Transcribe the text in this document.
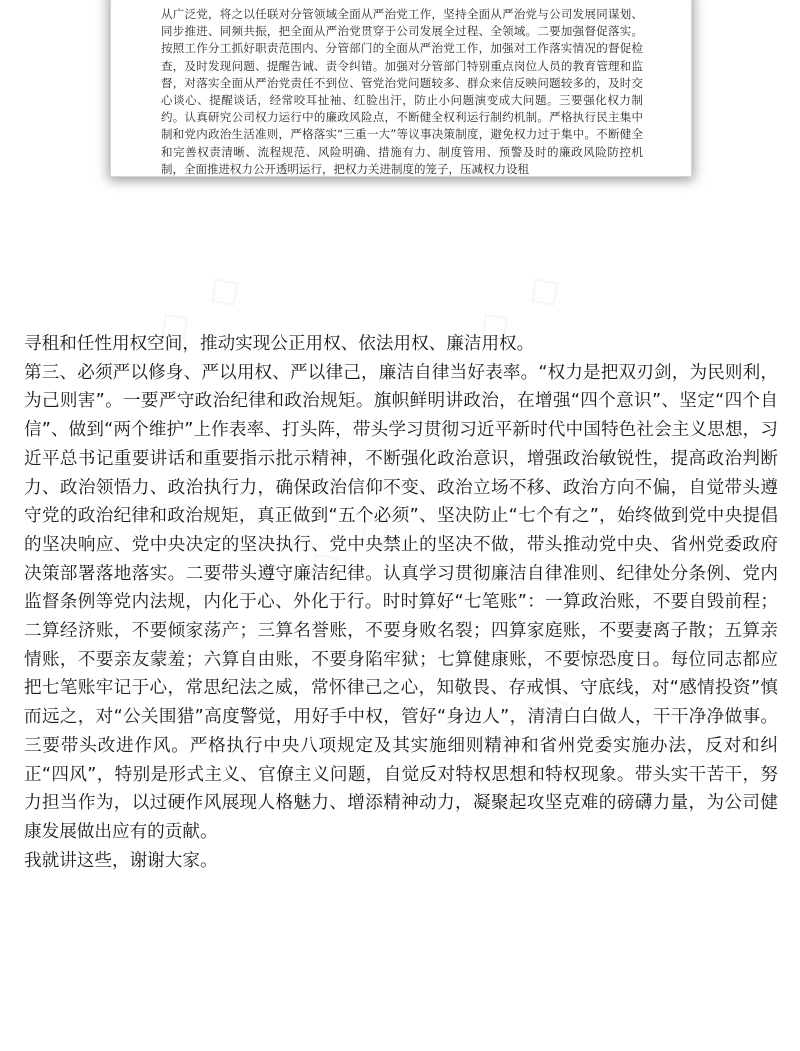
从广泛党，将之以任联对分管领域全面从严治党工作，坚持全面从严治党与公司发展同谋划、同步推进、同频共振，把全面从严治党贯穿于公司发展全过程、全领域。二要加强督促落实。按照工作分工抓好职责范围内、分管部门的全面从严治党工作，加强对工作落实情况的督促检查，及时发现问题、提醒告诫、责令纠错。加强对分管部门特别重点岗位人员的教育管理和监督，对落实全面从严治党责任不到位、管党治党问题较多、群众来信反映问题较多的，及时交心谈心、提醒谈话，经常咬耳扯袖、红脸出汗，防止小问题演变成大问题。三要强化权力制约。认真研究公司权力运行中的廉政风险点，不断健全权利运行制约机制。严格执行民主集中制和党内政治生活准则，严格落实“三重一大”等议事决策制度，避免权力过于集中。不断健全和完善权责清晰、流程规范、风险明确、措施有力、制度管用、预警及时的廉政风险防控机制，全面推进权力公开透明运行，把权力关进制度的笼子，压减权力设租

寻租和任性用权空间，推动实现公正用权、依法用权、廉洁用权。

第三、必须严以修身、严以用权、严以律己，廉洁自律当好表率。“权力是把双刃剑，为民则利，为己则害”。一要严守政治纪律和政治规矩。旗帜鲜明讲政治，在增强“四个意识”、坚定“四个自信”、做到“两个维护”上作表率、打头阵，带头学习贯彻习近平新时代中国特色社会主义思想，习近平总书记重要讲话和重要指示批示精神，不断强化政治意识，增强政治敏锐性，提高政治判断力、政治领悟力、政治执行力，确保政治信仰不变、政治立场不移、政治方向不偏，自觉带头遵守党的政治纪律和政治规矩，真正做到“五个必须”、坚决防止“七个有之”，始终做到党中央提倡的坚决响应、党中央决定的坚决执行、党中央禁止的坚决不做，带头推动党中央、省州党委政府决策部署落地落实。二要带头遵守廉洁纪律。认真学习贯彻廉洁自律准则、纪律处分条例、党内监督条例等党内法规，内化于心、外化于行。时时算好“七笔账”：一算政治账，不要自毁前程；二算经济账，不要倾家荡产；三算名誉账，不要身败名裂；四算家庭账，不要妻离子散；五算亲情账，不要亲友蒙羞；六算自由账，不要身陷牢狱；七算健康账，不要惊恐度日。每位同志都应把七笔账牢记于心，常思纪法之威，常怀律己之心，知敬畏、存戒惧、守底线，对“感情投资”慎而远之，对“公关围猎”高度警觉，用好手中权，管好“身边人”，清清白白做人，干干净净做事。三要带头改进作风。严格执行中央八项规定及其实施细则精神和省州党委实施办法，反对和纠正“四风”，特别是形式主义、官僚主义问题，自觉反对特权思想和特权现象。带头实干苦干，努力担当作为，以过硬作风展现人格魅力、增添精神动力，凝聚起攻坚克难的磅礴力量，为公司健康发展做出应有的贡献。

我就讲这些，谢谢大家。
